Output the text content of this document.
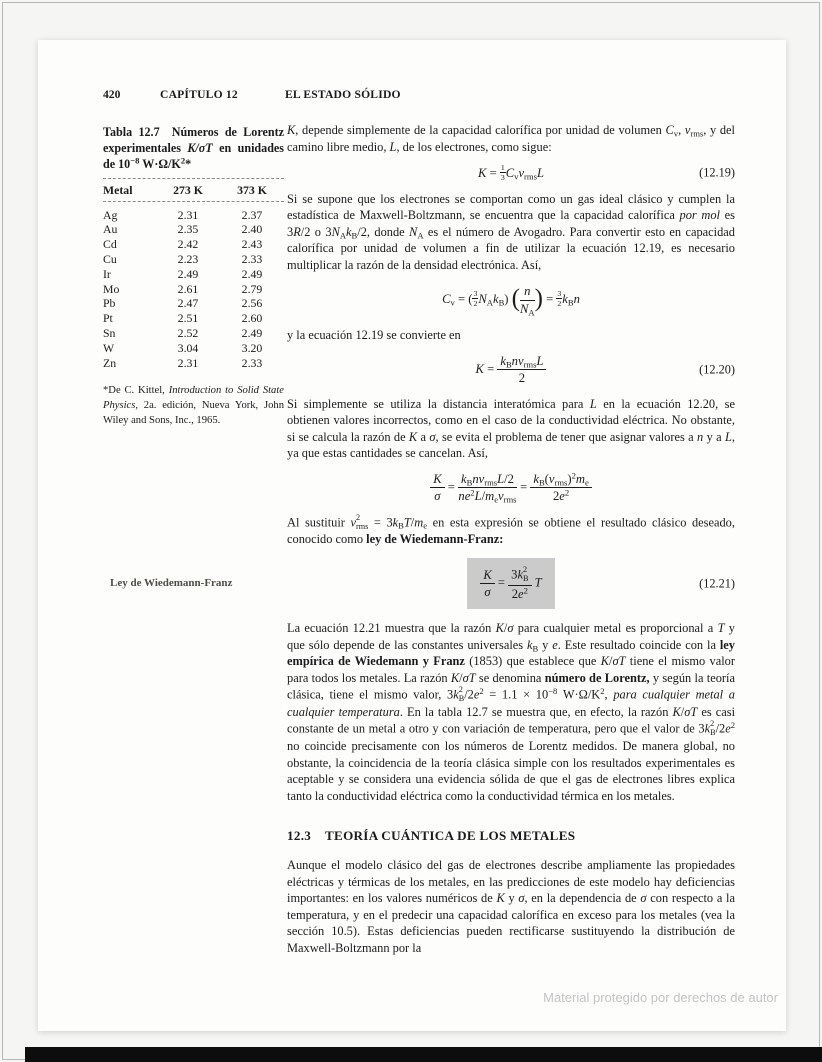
420	CAPÍTULO 12	EL ESTADO SÓLIDO
Tabla 12.7  Números de Lorentz experimentales K/σT en unidades de $10^{-8}$ $W\cdot\Omega/K^2*$
Metal	273 K	373 K
Ag	2.31	2.37
Au	2.35	2.40
Cd	2.42	2.43
Cu	2.23	2.33
Ir	2.49	2.49
Mo	2.61	2.79
Pb	2.47	2.56
Pt	2.51	2.60
Sn	2.52	2.49
W	3.04	3.20
Zn	2.31	2.33
*De C. Kittel, Introduction to Solid State Physics, 2a. edición, Nueva York, John Wiley and Sons, Inc., 1965.
Ley de Wiedemann-Franz

K, depende simplemente de la capacidad calorífica por unidad de volumen $C_v$, $v_{rms}$, y del camino libre medio, L, de los electrones, como sigue:

$K = \frac{1}{3} C_vv_{rms}L$	(12.19)

Si se supone que los electrones se comportan como un gas ideal clásico y cumplen la estadística de Maxwell-Boltzmann, se encuentra que la capacidad calorífica por mol es 3R/2 o $3N_Ak_B/2$, donde $N_A$ es el número de Avogadro. Para convertir esto en capacidad calorífica por unidad de volumen a fin de utilizar la ecuación 12.19, es necesario multiplicar la razón de la densidad electrónica. Así,

$C_v$ = ( $\frac{3}{2} N_Ak_B$) ( $\frac{n}{N_A}$ ) = $\frac{3}{2} k_Bn$

y la ecuación 12.19 se convierte en

$K = \frac{k_Bnv_{rms}L}{2}$	(12.20)

Si simplemente se utiliza la distancia interatómica para L en la ecuación 12.20, se obtienen valores incorrectos, como en el caso de la conductividad eléctrica. No obstante, si se calcula la razón de K a σ, se evita el problema de tener que asignar valores a n y a L, ya que estas cantidades se cancelan. Así,

$\frac{K}{\sigma} = \frac{k_Bnv_{rms}L/2}{ne^2L/m_ev_{rms}} = \frac{k_B(v_{rms})^2m_e}{2e^2}$

Al sustituir v 2
rms = $3k_BT/m_e$ en esta expresión se obtiene el resultado clásico deseado, conocido como ley de Wiedemann-Franz:

$\frac{K}{\sigma} = 3k$ 2
B
$2e^2$ T	(12.21)

La ecuación 12.21 muestra que la razón K/σ para cualquier metal es proporcional a T y que sólo depende de las constantes universales $k_B$ y e. Este resultado coincide con la ley empírica de Wiedemann y Franz (1853) que establece que K/σT tiene el mismo valor para todos los metales. La razón K/σT se denomina número de Lorentz, y según la teoría clásica, tiene el mismo valor, 3k 2
B $/2e^2 = 1.1 \times 10^{-8}$ $W\cdot\Omega/K^2$, para cualquier metal a cualquier temperatura. En la tabla 12.7 se muestra que, en efecto, la razón K/σT es casi constante de un metal a otro y con variación de temperatura, pero que el valor de 3k 2
B $/2e^2$ no coincide precisamente con los números de Lorentz medidos. De manera global, no obstante, la coincidencia de la teoría clásica simple con los resultados experimentales es aceptable y se considera una evidencia sólida de que el gas de electrones libres explica tanto la conductividad eléctrica como la conductividad térmica en los metales.

12.3 TEORÍA CUÁNTICA DE LOS METALES

Aunque el modelo clásico del gas de electrones describe ampliamente las propiedades eléctricas y térmicas de los metales, en las predicciones de este modelo hay deficiencias importantes: en los valores numéricos de K y σ, en la dependencia de σ con respecto a la temperatura, y en el predecir una capacidad calorífica en exceso para los metales (vea la sección 10.5). Estas deficiencias pueden rectificarse sustituyendo la distribución de Maxwell-Boltzmann por la

Material protegido por derechos de autor
